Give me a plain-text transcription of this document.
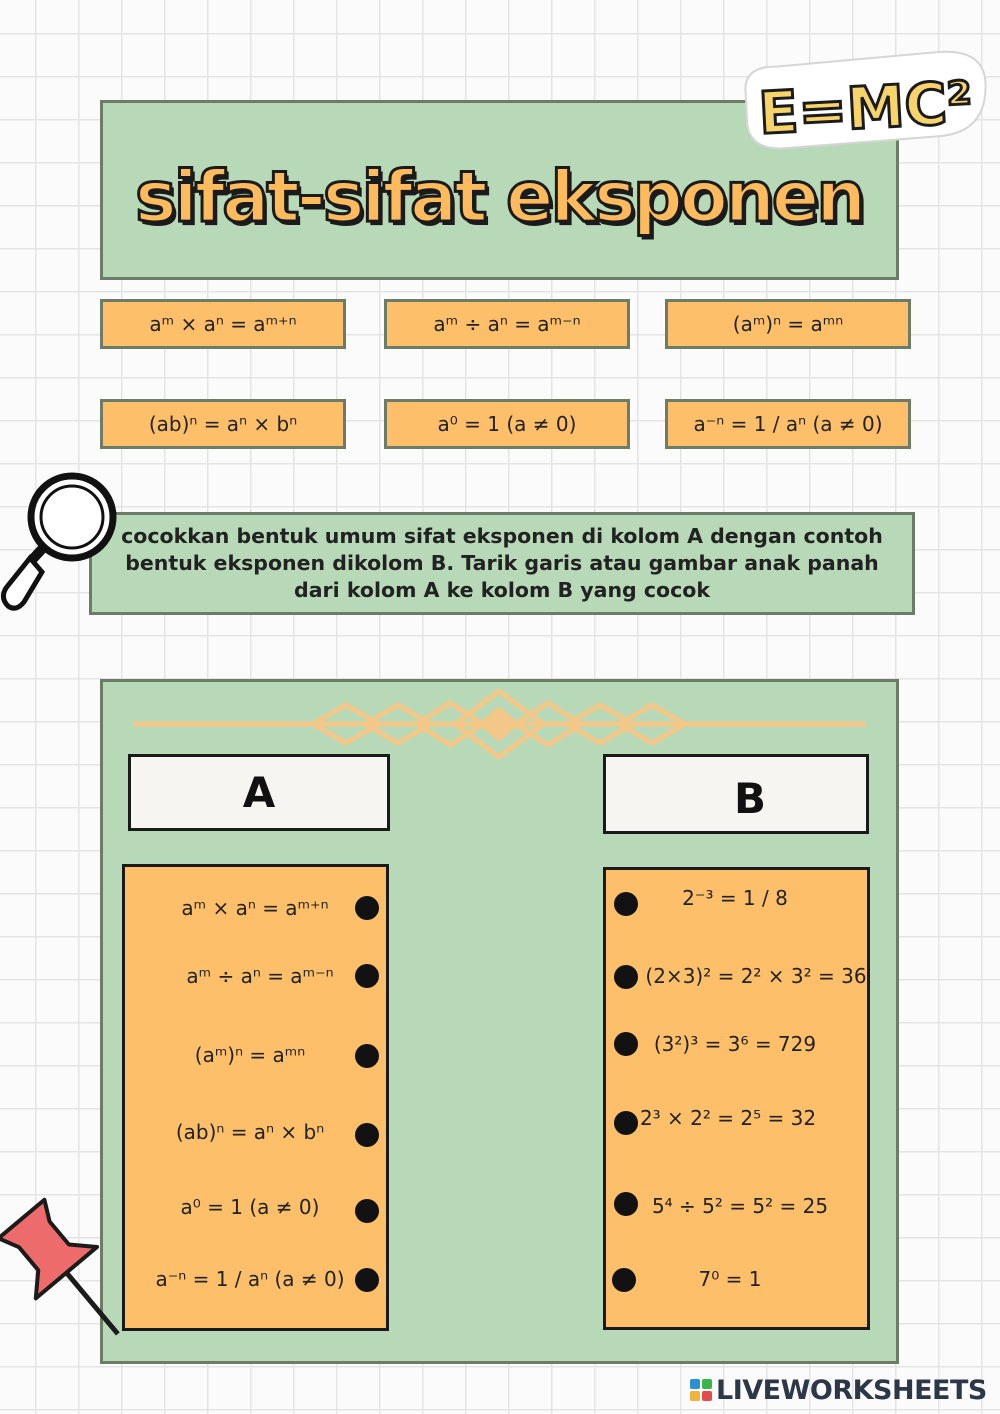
sifat-sifat eksponen
E=MC²
aᵐ × aⁿ = aᵐ⁺ⁿ	aᵐ ÷ aⁿ = aᵐ⁻ⁿ	(aᵐ)ⁿ = aᵐⁿ
(ab)ⁿ = aⁿ × bⁿ	a⁰ = 1 (a ≠ 0)	a⁻ⁿ = 1 / aⁿ (a ≠ 0)
cocokkan bentuk umum sifat eksponen di kolom A dengan contoh bentuk eksponen dikolom B. Tarik garis atau gambar anak panah dari kolom A ke kolom B yang cocok
A	B
aᵐ × aⁿ = aᵐ⁺ⁿ
aᵐ ÷ aⁿ = aᵐ⁻ⁿ
(aᵐ)ⁿ = aᵐⁿ
(ab)ⁿ = aⁿ × bⁿ
a⁰ = 1 (a ≠ 0)
a⁻ⁿ = 1 / aⁿ (a ≠ 0)
2⁻³ = 1 / 8
(2×3)² = 2² × 3² = 36
(3²)³ = 3⁶ = 729
2³ × 2² = 2⁵ = 32
5⁴ ÷ 5² = 5² = 25
7⁰ = 1
LIVEWORKSHEETS
